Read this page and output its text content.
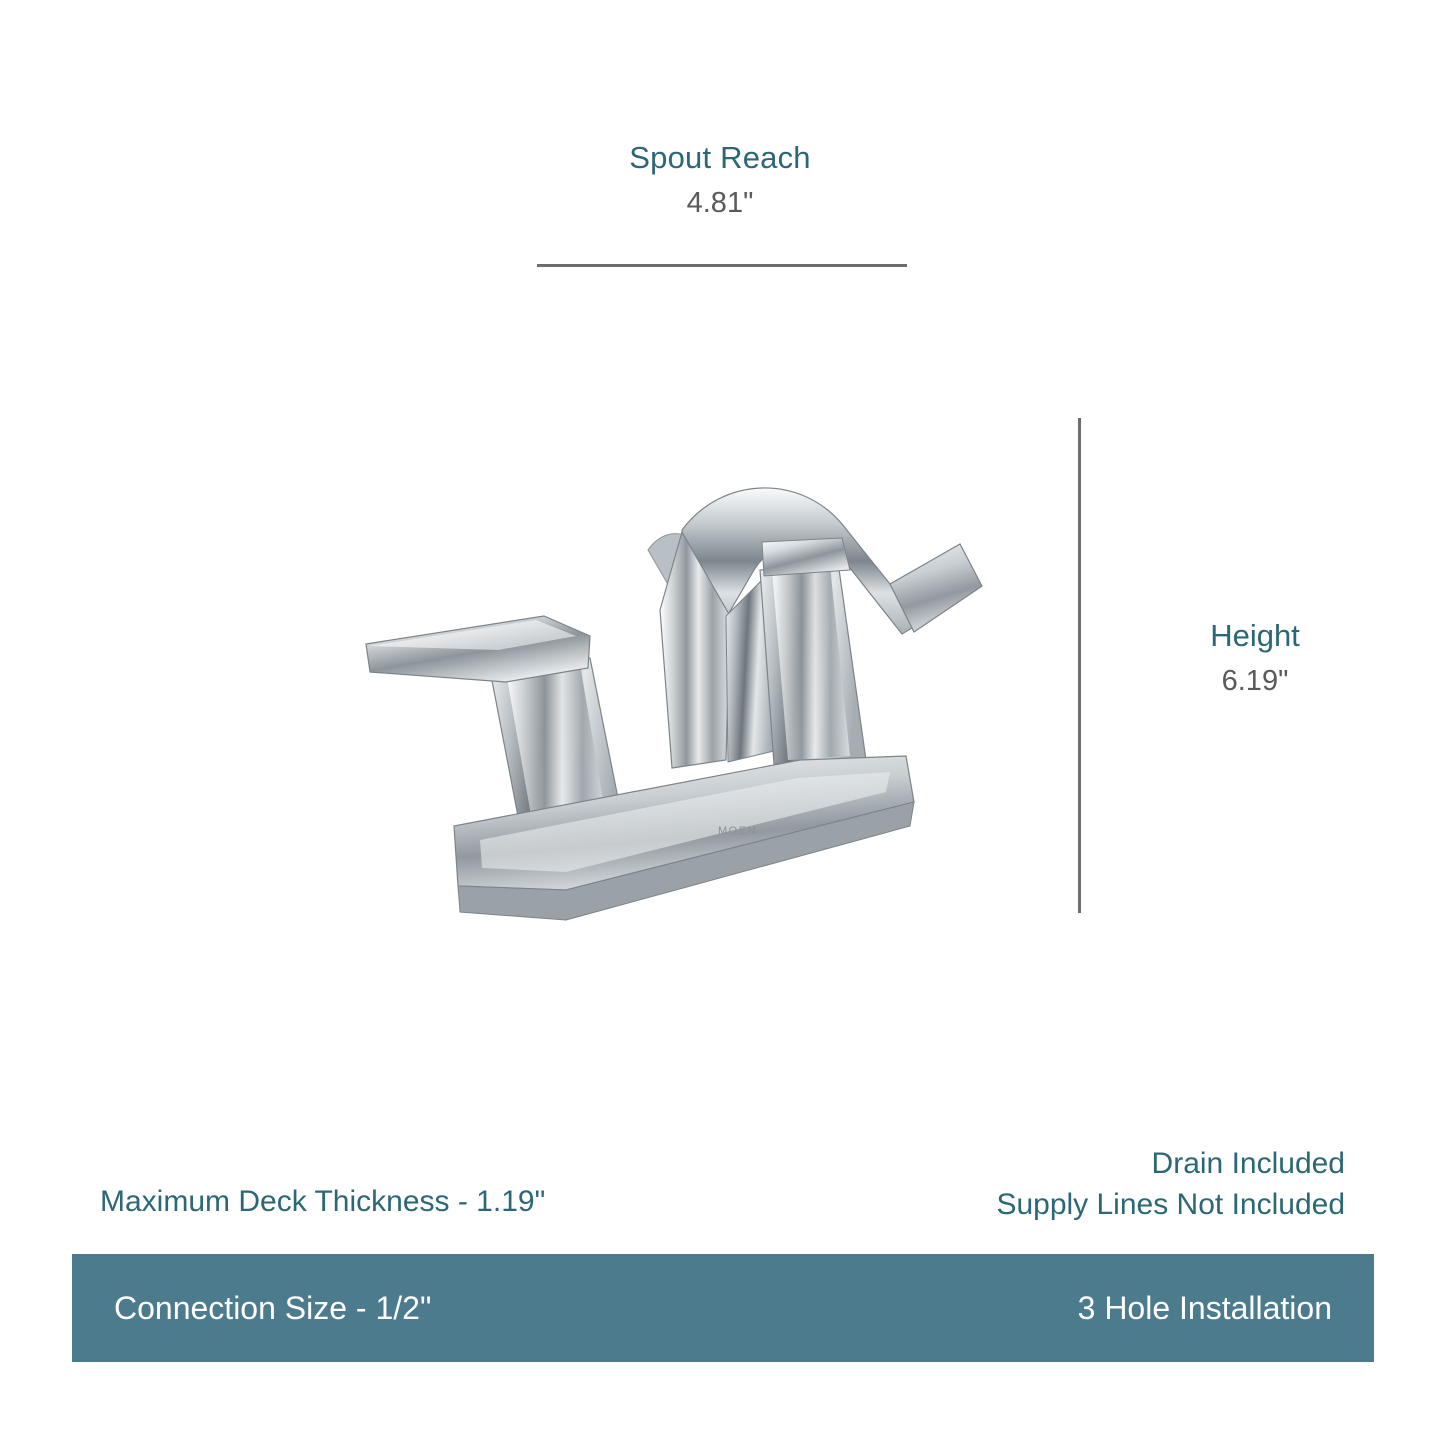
Spout Reach
4.81"
Height
6.19"
MOEN
Maximum Deck Thickness - 1.19"
Drain Included
Supply Lines Not Included
Connection Size - 1/2"	3 Hole Installation
